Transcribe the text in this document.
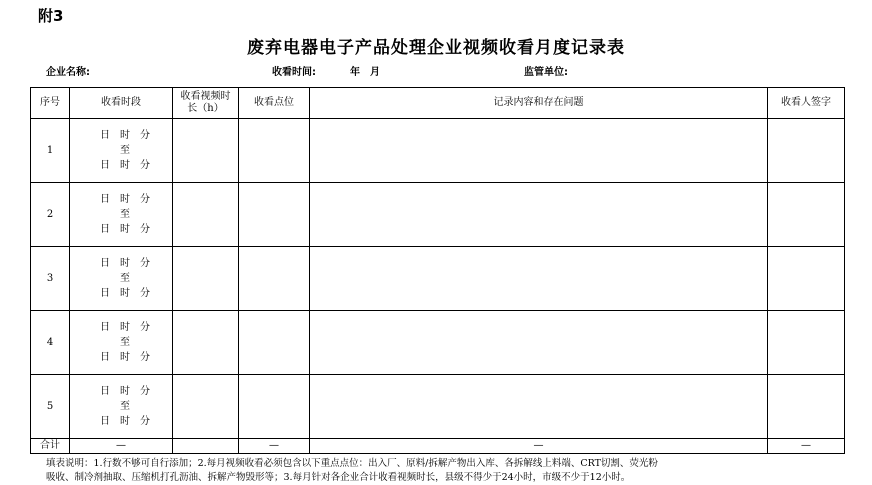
附3
废弃电器电子产品处理企业视频收看月度记录表
企业名称:	收看时间:	年　月	监管单位:
序号	收看时段	收看视频时长（h）	收看点位	记录内容和存在问题	收看人签字
1	日　时　分
至
日　时　分				

2	日　时　分
至
日　时　分				

3	日　时　分
至
日　时　分				

4	日　时　分
至
日　时　分				

5	日　时　分
至
日　时　分				

合计	—		—	—	—
填表说明：1.行数不够可自行添加；2.每月视频收看必须包含以下重点点位：出入厂、原料/拆解产物出入库、各拆解线上料端、CRT切割、荧光粉
吸收、制冷剂抽取、压缩机打孔沥油、拆解产物毁形等；3.每月针对各企业合计收看视频时长，县级不得少于24小时，市级不少于12小时。
